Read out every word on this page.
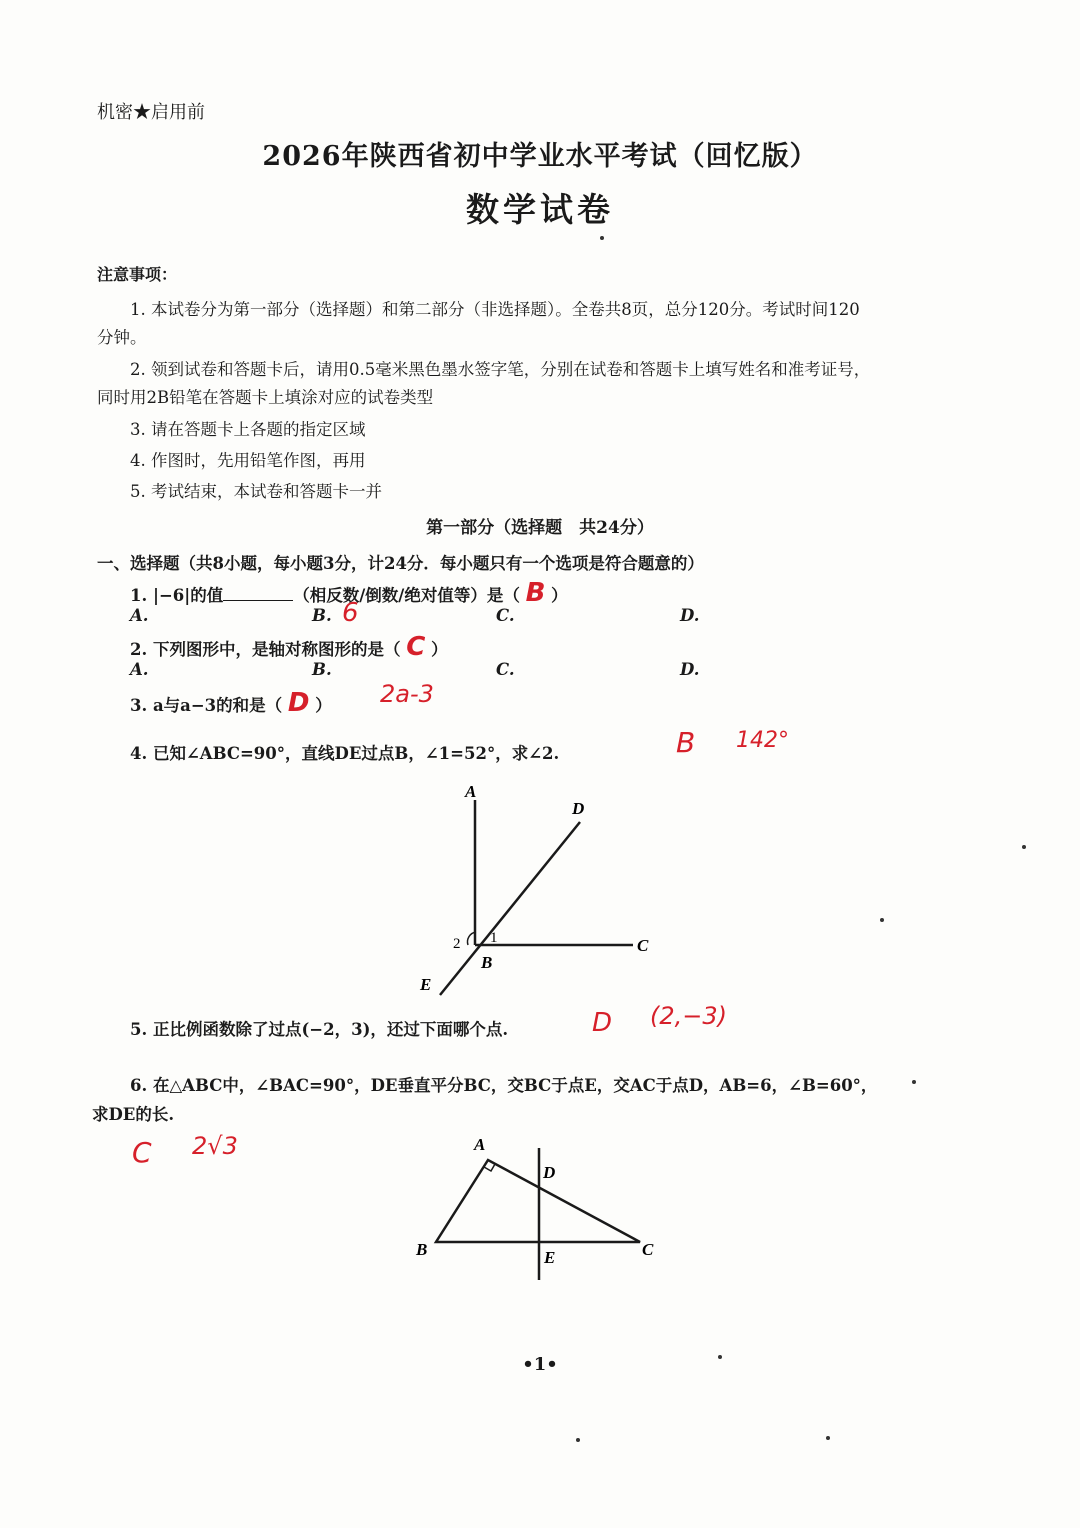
机密★启用前
2026年陕西省初中学业水平考试（回忆版）
数学试卷
注意事项：
1. 本试卷分为第一部分（选择题）和第二部分（非选择题）。全卷共8页，总分120分。考试时间120
分钟。
2. 领到试卷和答题卡后，请用0.5毫米黑色墨水签字笔，分别在试卷和答题卡上填写姓名和准考证号，
同时用2B铅笔在答题卡上填涂对应的试卷类型
3. 请在答题卡上各题的指定区域
4. 作图时，先用铅笔作图，再用
5. 考试结束，本试卷和答题卡一并
第一部分（选择题　共24分）
一、选择题（共8小题，每小题3分，计24分．每小题只有一个选项是符合题意的）
1. |−6|的值	（相反数/倒数/绝对值等）是（ B ）
A.	B. 6	C.	D.
2. 下列图形中，是轴对称图形的是（ C ）
A.	B.	C.	D.
3. a与a−3的和是（ D ） 2a-3
4. 已知∠ABC=90°，直线DE过点B，∠1=52°，求∠2.	B 142°
A
D
C
B
E
1
2
A
B	C
D
E
5. 正比例函数除了过点(−2，3)，还过下面哪个点.	D (2,−3)
6. 在△ABC中，∠BAC=90°，DE垂直平分BC，交BC于点E，交AC于点D，AB=6，∠B=60°，
求DE的长.
C 2√3
•1•
